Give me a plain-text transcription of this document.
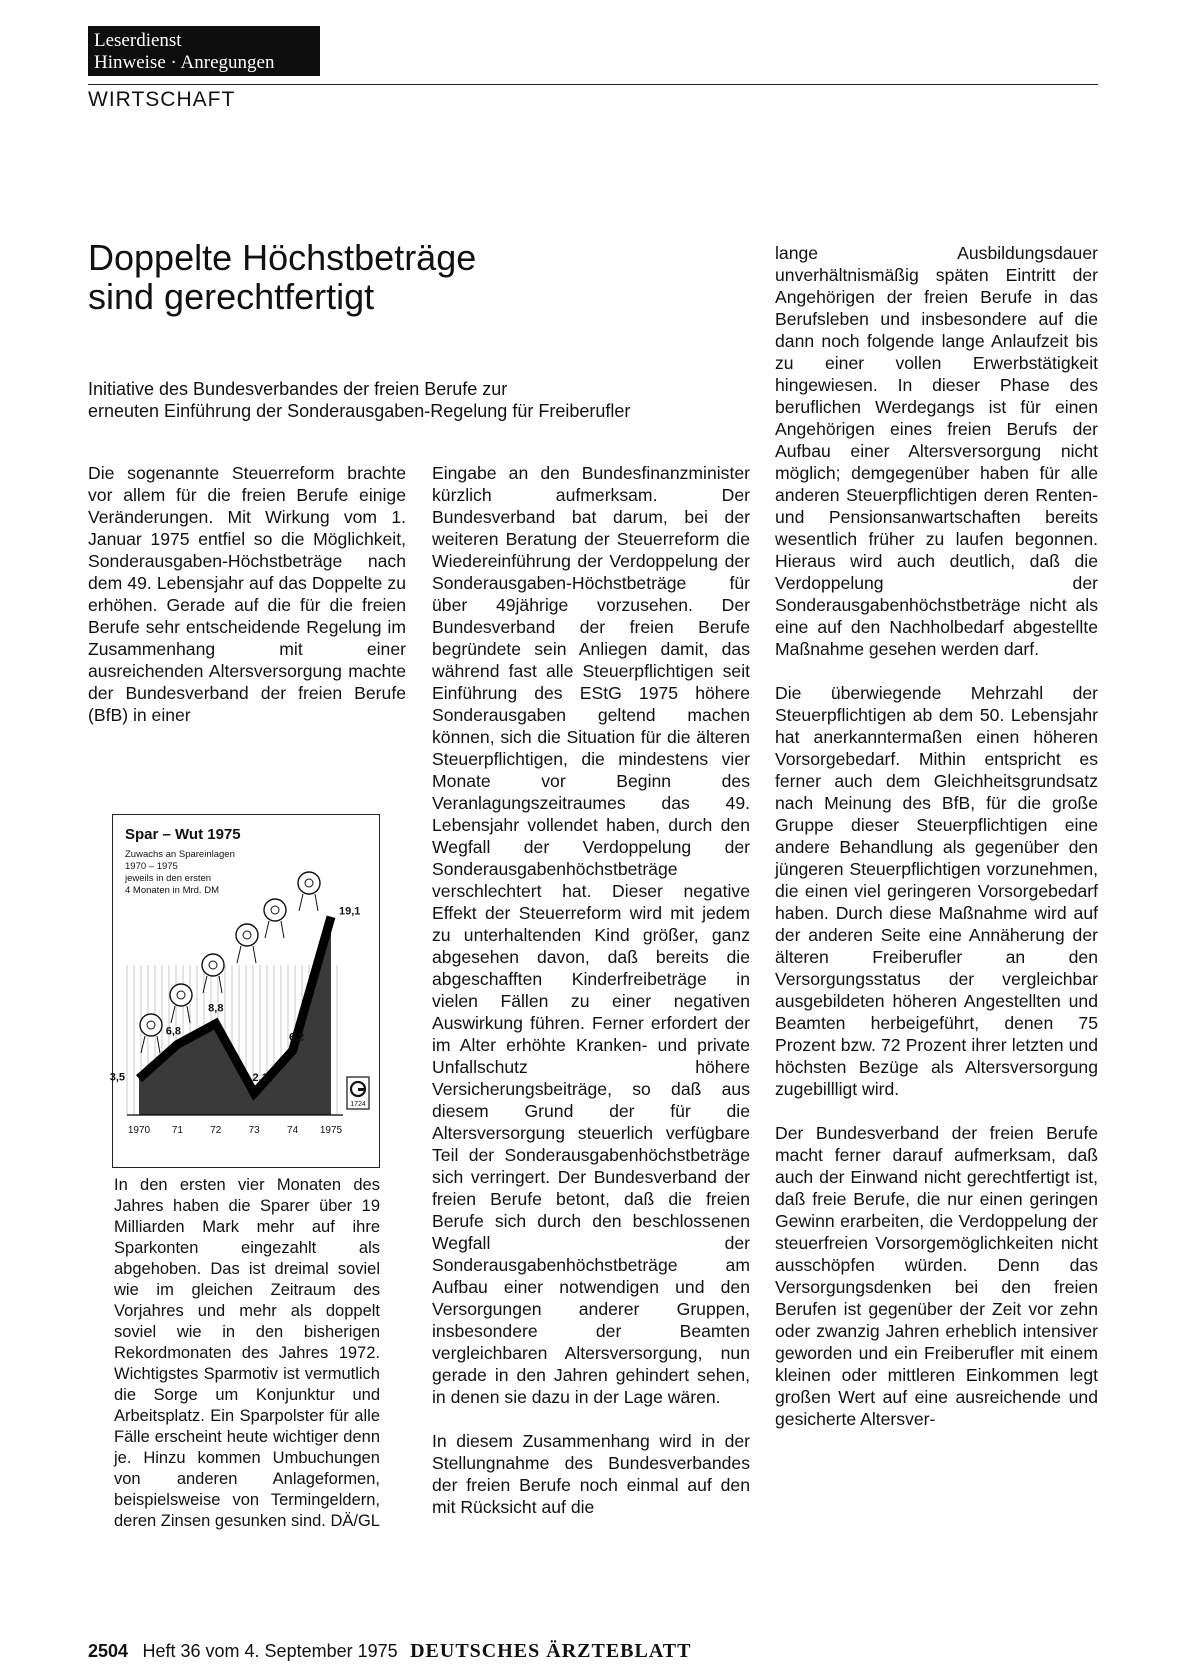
Leserdienst
Hinweise · Anregungen
WIRTSCHAFT
Doppelte Höchstbeträge
sind gerechtfertigt
Initiative des Bundesverbandes der freien Berufe zur
erneuten Einführung der Sonderausgaben-Regelung für Freiberufler

Die sogenannte Steuerreform brachte vor allem für die freien Berufe einige Veränderungen. Mit Wirkung vom 1. Januar 1975 entfiel so die Möglichkeit, Sonderausgaben-Höchstbeträge nach dem 49. Lebensjahr auf das Doppelte zu erhöhen. Gerade auf die für die freien Berufe sehr entscheidende Regelung im Zusammenhang mit einer ausreichenden Altersversorgung machte der Bundesverband der freien Berufe (BfB) in einer

Spar – Wut 1975
Zuwachs an Spareinlagen
1970 – 1975
jeweils in den ersten
4 Monaten in Mrd. DM
3,5
6,8
8,8
2,1
6,2
19,1
1970 71	72	73	74 1975
1724
In den ersten vier Monaten des Jahres haben die Sparer über 19 Milliarden Mark mehr auf ihre Sparkonten eingezahlt als abgehoben. Das ist dreimal soviel wie im gleichen Zeitraum des Vorjahres und mehr als doppelt soviel wie in den bisherigen Rekordmonaten des Jahres 1972. Wichtigstes Sparmotiv ist vermutlich die Sorge um Konjunktur und Arbeitsplatz. Ein Sparpolster für alle Fälle erscheint heute wichtiger denn je. Hinzu kommen Umbuchungen von anderen Anlageformen, beispielsweise von Termingeldern, deren Zinsen gesunken sind. DÄ/GL

Eingabe an den Bundesfinanzminister kürzlich aufmerksam. Der Bundesverband bat darum, bei der weiteren Beratung der Steuerreform die Wiedereinführung der Verdoppelung der Sonderausgaben-Höchstbeträge für über 49jährige vorzusehen. Der Bundesverband der freien Berufe begründete sein Anliegen damit, das während fast alle Steuerpflichtigen seit Einführung des EStG 1975 höhere Sonderausgaben geltend machen können, sich die Situation für die älteren Steuerpflichtigen, die mindestens vier Monate vor Beginn des Veranlagungszeitraumes das 49. Lebensjahr vollendet haben, durch den Wegfall der Verdoppelung der Sonderausgabenhöchstbeträge verschlechtert hat. Dieser negative Effekt der Steuerreform wird mit jedem zu unterhaltenden Kind größer, ganz abgesehen davon, daß bereits die abgeschafften Kinderfreibeträge in vielen Fällen zu einer negativen Auswirkung führen. Ferner erfordert der im Alter erhöhte Kranken- und private Unfallschutz höhere Versicherungsbeiträge, so daß aus diesem Grund der für die Altersversorgung steuerlich verfügbare Teil der Sonderausgabenhöchstbeträge sich verringert. Der Bundesverband der freien Berufe betont, daß die freien Berufe sich durch den beschlossenen Wegfall der Sonderausgabenhöchstbeträge am Aufbau einer notwendigen und den Versorgungen anderer Gruppen, insbesondere der Beamten vergleichbaren Altersversorgung, nun gerade in den Jahren gehindert sehen, in denen sie dazu in der Lage wären.

In diesem Zusammenhang wird in der Stellungnahme des Bundesverbandes der freien Berufe noch einmal auf den mit Rücksicht auf die

lange Ausbildungsdauer unverhältnismäßig späten Eintritt der Angehörigen der freien Berufe in das Berufsleben und insbesondere auf die dann noch folgende lange Anlaufzeit bis zu einer vollen Erwerbstätigkeit hingewiesen. In dieser Phase des beruflichen Werdegangs ist für einen Angehörigen eines freien Berufs der Aufbau einer Altersversorgung nicht möglich; demgegenüber haben für alle anderen Steuerpflichtigen deren Renten- und Pensionsanwartschaften bereits wesentlich früher zu laufen begonnen. Hieraus wird auch deutlich, daß die Verdoppelung der Sonderausgabenhöchstbeträge nicht als eine auf den Nachholbedarf abgestellte Maßnahme gesehen werden darf.

Die überwiegende Mehrzahl der Steuerpflichtigen ab dem 50. Lebensjahr hat anerkanntermaßen einen höheren Vorsorgebedarf. Mithin entspricht es ferner auch dem Gleichheitsgrundsatz nach Meinung des BfB, für die große Gruppe dieser Steuerpflichtigen eine andere Behandlung als gegenüber den jüngeren Steuerpflichtigen vorzunehmen, die einen viel geringeren Vorsorgebedarf haben. Durch diese Maßnahme wird auf der anderen Seite eine Annäherung der älteren Freiberufler an den Versorgungsstatus der vergleichbar ausgebildeten höheren Angestellten und Beamten herbeigeführt, denen 75 Prozent bzw. 72 Prozent ihrer letzten und höchsten Bezüge als Altersversorgung zugebillligt wird.

Der Bundesverband der freien Berufe macht ferner darauf aufmerksam, daß auch der Einwand nicht gerechtfertigt ist, daß freie Berufe, die nur einen geringen Gewinn erarbeiten, die Verdoppelung der steuerfreien Vorsorgemöglichkeiten nicht ausschöpfen würden. Denn das Versorgungsdenken bei den freien Berufen ist gegenüber der Zeit vor zehn oder zwanzig Jahren erheblich intensiver geworden und ein Freiberufler mit einem kleinen oder mittleren Einkommen legt großen Wert auf eine ausreichende und gesicherte Altersver-

2504 Heft 36 vom 4. September 1975 DEUTSCHES ÄRZTEBLATT
